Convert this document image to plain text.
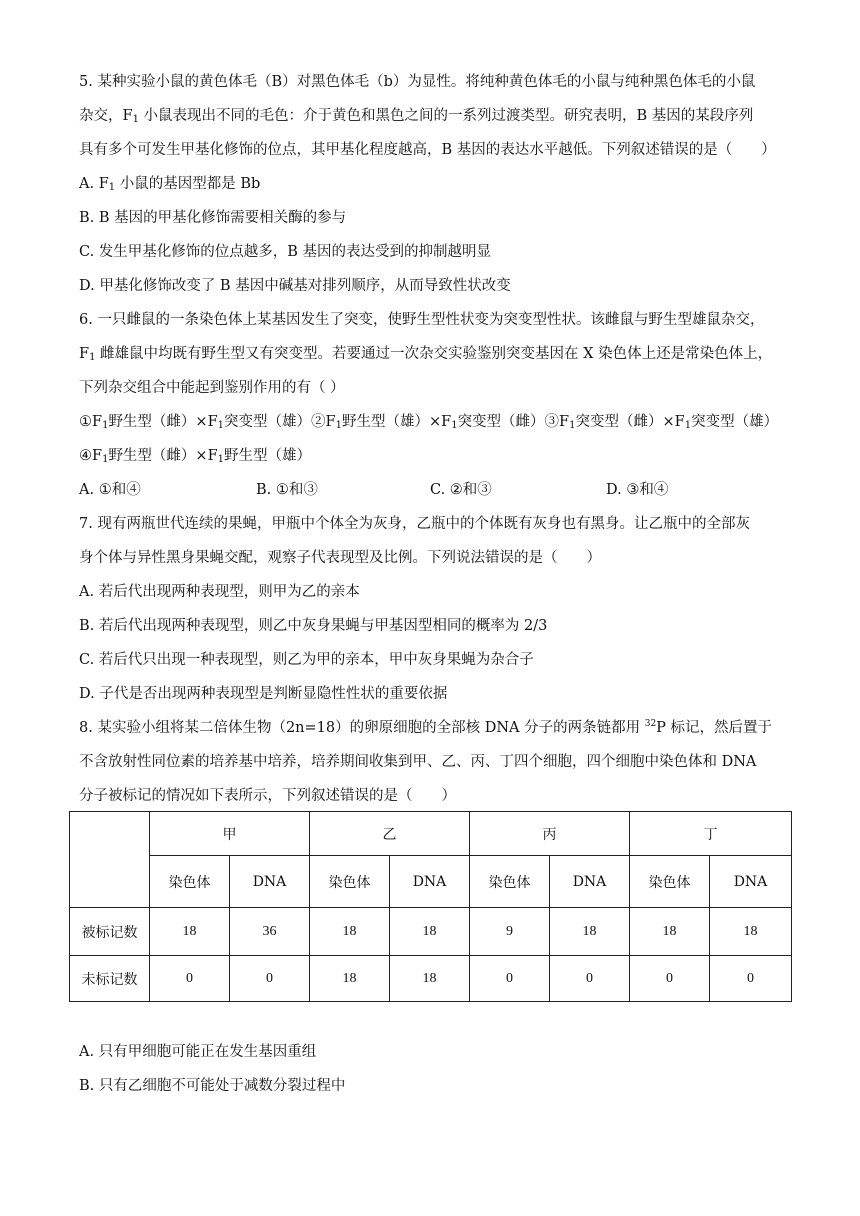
5. 某种实验小鼠的黄色体毛（B）对黑色体毛（b）为显性。将纯种黄色体毛的小鼠与纯种黑色体毛的小鼠
杂交，$F_1$ 小鼠表现出不同的毛色：介于黄色和黑色之间的一系列过渡类型。研究表明，B 基因的某段序列
具有多个可发生甲基化修饰的位点，其甲基化程度越高，B 基因的表达水平越低。下列叙述错误的是（　　）
A. $F_1$ 小鼠的基因型都是 Bb
B. B 基因的甲基化修饰需要相关酶的参与
C. 发生甲基化修饰的位点越多，B 基因的表达受到的抑制越明显
D. 甲基化修饰改变了 B 基因中碱基对排列顺序，从而导致性状改变
6. 一只雌鼠的一条染色体上某基因发生了突变，使野生型性状变为突变型性状。该雌鼠与野生型雄鼠杂交，
$F_1$ 雌雄鼠中均既有野生型又有突变型。若要通过一次杂交实验鉴别突变基因在 X 染色体上还是常染色体上，
下列杂交组合中能起到鉴别作用的有（ ）
$①F_1$野生型（雌）$\times F_1$突变型（雄）$②F_1$野生型（雄）$\times F_1$突变型（雌）$③F_1$突变型（雌）$\times F_1$突变型（雄）
$④F_1$野生型（雌）$\times F_1$野生型（雄）
A. ①和④	B. ①和③	C. ②和③	D. ③和④
7. 现有两瓶世代连续的果蝇，甲瓶中个体全为灰身，乙瓶中的个体既有灰身也有黑身。让乙瓶中的全部灰
身个体与异性黑身果蝇交配，观察子代表现型及比例。下列说法错误的是（　　）
A. 若后代出现两种表现型，则甲为乙的亲本
B. 若后代出现两种表现型，则乙中灰身果蝇与甲基因型相同的概率为 2/3
C. 若后代只出现一种表现型，则乙为甲的亲本，甲中灰身果蝇为杂合子
D. 子代是否出现两种表现型是判断显隐性性状的重要依据
8. 某实验小组将某二倍体生物（2n=18）的卵原细胞的全部核 DNA 分子的两条链都用 $^{32}$P 标记，然后置于
不含放射性同位素的培养基中培养，培养期间收集到甲、乙、丙、丁四个细胞，四个细胞中染色体和 DNA
分子被标记的情况如下表所示，下列叙述错误的是（　　）
	甲		乙		丙		丁	
	染色体	DNA	染色体	DNA	染色体	DNA	染色体	DNA
被标记数	18	36	18	18	9	18	18	18
未标记数	0	0	18	18	0	0	0	0
A. 只有甲细胞可能正在发生基因重组
B. 只有乙细胞不可能处于减数分裂过程中
